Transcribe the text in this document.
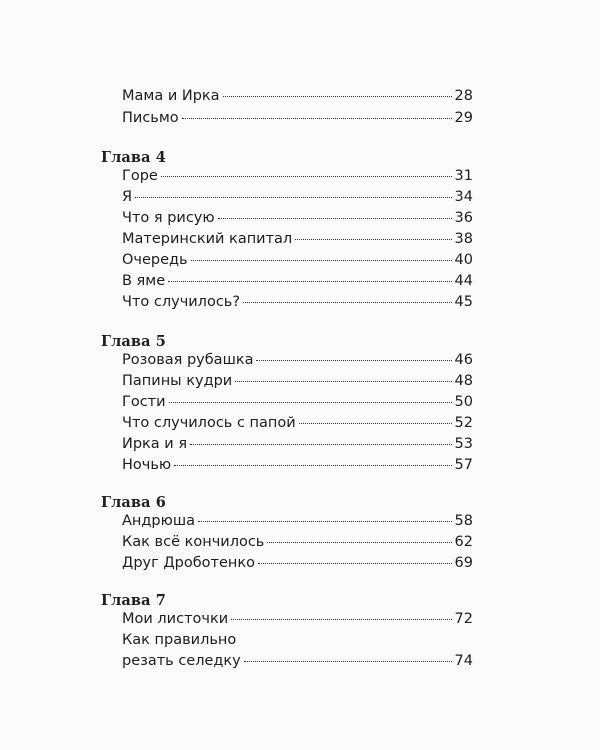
Мама и Ирка	28
Письмо	29
Глава 4
Горе	31
Я	34
Что я рисую	36
Материнский капитал	38
Очередь	40
В яме	44
Что случилось?	45
Глава 5
Розовая рубашка	46
Папины кудри	48
Гости	50
Что случилось с папой	52
Ирка и я	53
Ночью	57
Глава 6
Андрюша	58
Как всё кончилось	62
Друг Дроботенко	69
Глава 7
Мои листочки	72
Как правильно
резать селедку	74
